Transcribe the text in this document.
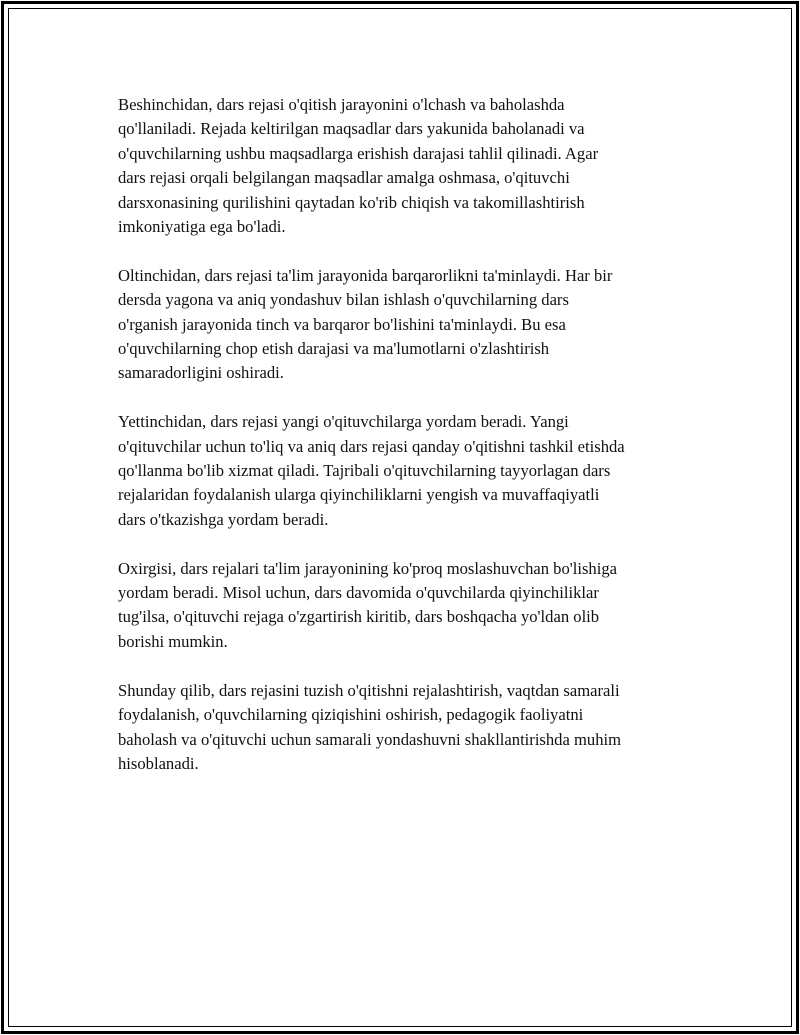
Beshinchidan, dars rejasi o'qitish jarayonini o'lchash va baholashda
qo'llaniladi. Rejada keltirilgan maqsadlar dars yakunida baholanadi va
o'quvchilarning ushbu maqsadlarga erishish darajasi tahlil qilinadi. Agar
dars rejasi orqali belgilangan maqsadlar amalga oshmasa, o'qituvchi
darsxonasining qurilishini qaytadan ko'rib chiqish va takomillashtirish
imkoniyatiga ega bo'ladi.

Oltinchidan, dars rejasi ta'lim jarayonida barqarorlikni ta'minlaydi. Har bir
dersda yagona va aniq yondashuv bilan ishlash o'quvchilarning dars
o'rganish jarayonida tinch va barqaror bo'lishini ta'minlaydi. Bu esa
o'quvchilarning chop etish darajasi va ma'lumotlarni o'zlashtirish
samaradorligini oshiradi.

Yettinchidan, dars rejasi yangi o'qituvchilarga yordam beradi. Yangi
o'qituvchilar uchun to'liq va aniq dars rejasi qanday o'qitishni tashkil etishda
qo'llanma bo'lib xizmat qiladi. Tajribali o'qituvchilarning tayyorlagan dars
rejalaridan foydalanish ularga qiyinchiliklarni yengish va muvaffaqiyatli
dars o'tkazishga yordam beradi.

Oxirgisi, dars rejalari ta'lim jarayonining ko'proq moslashuvchan bo'lishiga
yordam beradi. Misol uchun, dars davomida o'quvchilarda qiyinchiliklar
tug'ilsa, o'qituvchi rejaga o'zgartirish kiritib, dars boshqacha yo'ldan olib
borishi mumkin.

Shunday qilib, dars rejasini tuzish o'qitishni rejalashtirish, vaqtdan samarali
foydalanish, o'quvchilarning qiziqishini oshirish, pedagogik faoliyatni
baholash va o'qituvchi uchun samarali yondashuvni shakllantirishda muhim
hisoblanadi.
